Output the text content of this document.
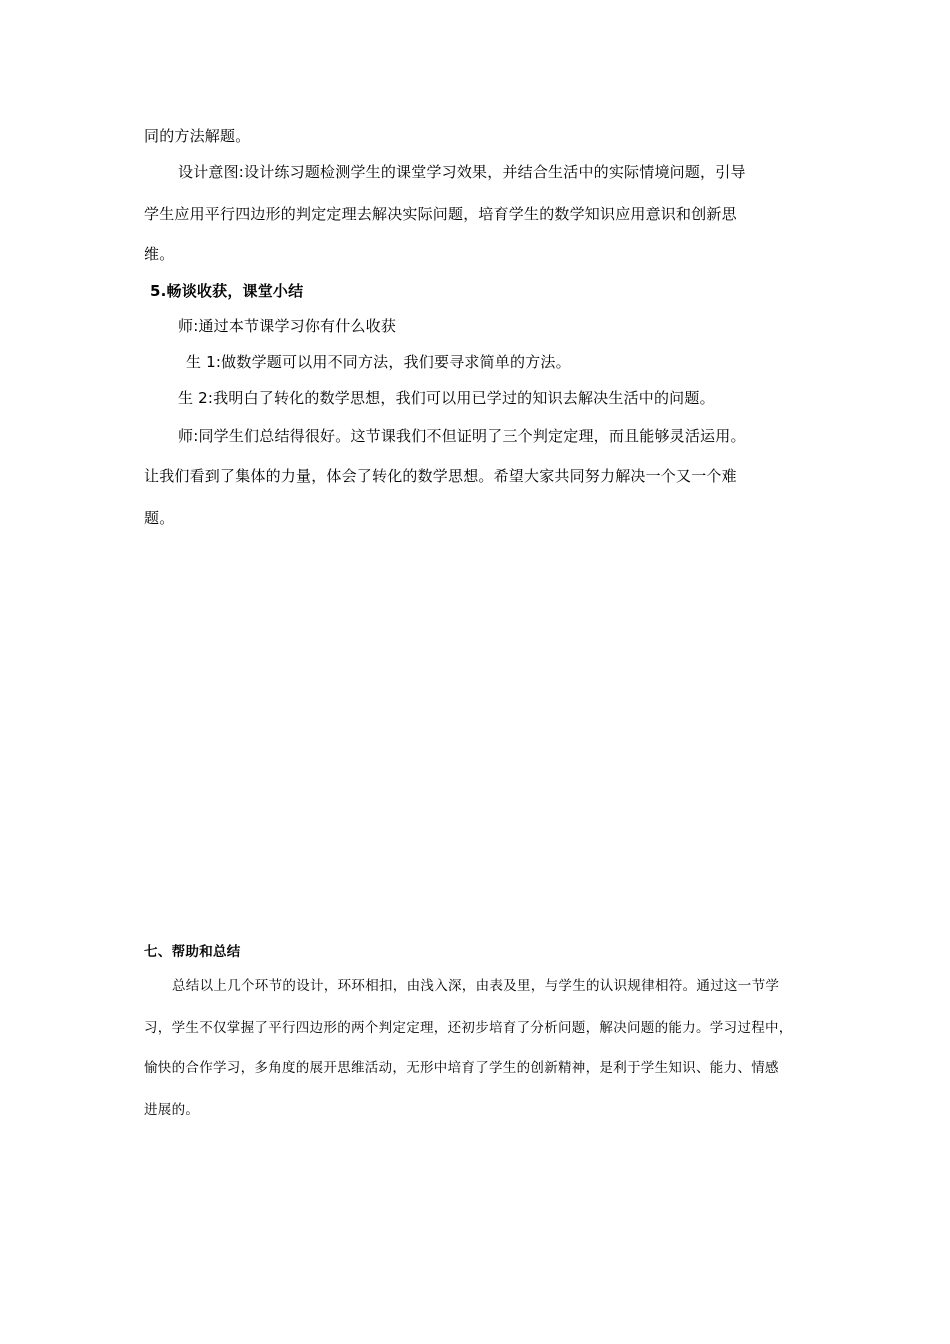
同的方法解题。
设计意图:设计练习题检测学生的课堂学习效果，并结合生活中的实际情境问题，引导
学生应用平行四边形的判定定理去解决实际问题，培育学生的数学知识应用意识和创新思
维。
5.畅谈收获，课堂小结
师:通过本节课学习你有什么收获
生 1:做数学题可以用不同方法，我们要寻求简单的方法。
生 2:我明白了转化的数学思想，我们可以用已学过的知识去解决生活中的问题。
师:同学生们总结得很好。这节课我们不但证明了三个判定定理，而且能够灵活运用。
让我们看到了集体的力量，体会了转化的数学思想。希望大家共同努力解决一个又一个难
题。
七、帮助和总结
总结以上几个环节的设计，环环相扣，由浅入深，由表及里，与学生的认识规律相符。通过这一节学
习，学生不仅掌握了平行四边形的两个判定定理，还初步培育了分析问题，解决问题的能力。学习过程中，
愉快的合作学习，多角度的展开思维活动，无形中培育了学生的创新精神，是利于学生知识、能力、情感
进展的。
